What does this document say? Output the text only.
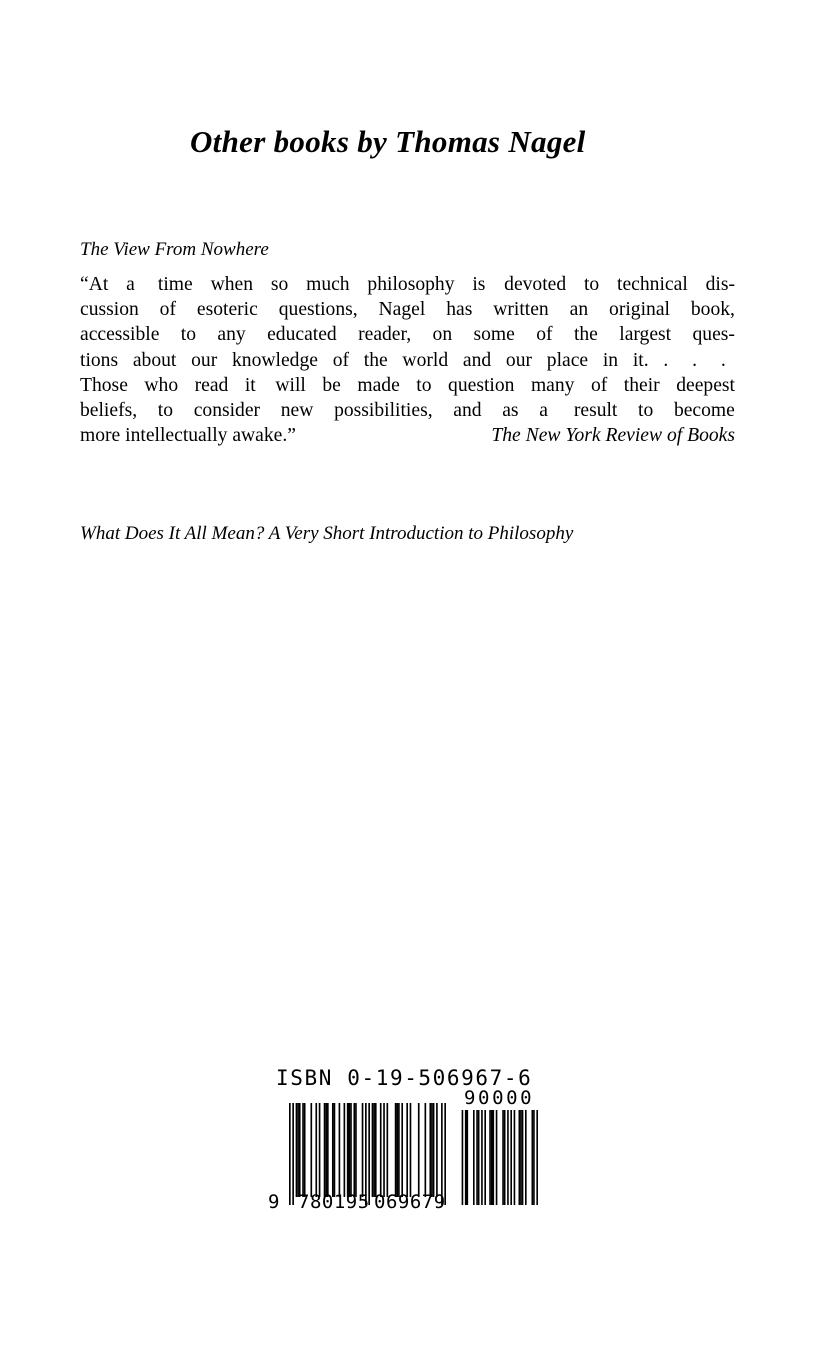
Other books by Thomas Nagel
The View From Nowhere
“At a time when so much philosophy is devoted to technical dis-
cussion of esoteric questions, Nagel has written an original book,
accessible to any educated reader, on some of the largest ques-
tions about our knowledge of the world and our place in it. .	.	.
Those who read it will be made to question many of their deepest
beliefs, to consider new possibilities, and as a result to become
more intellectually awake.”	The New York Review of Books
What Does It All Mean? A Very Short Introduction to Philosophy
ISBN 0-19-506967-6
90000
9 780195 069679
